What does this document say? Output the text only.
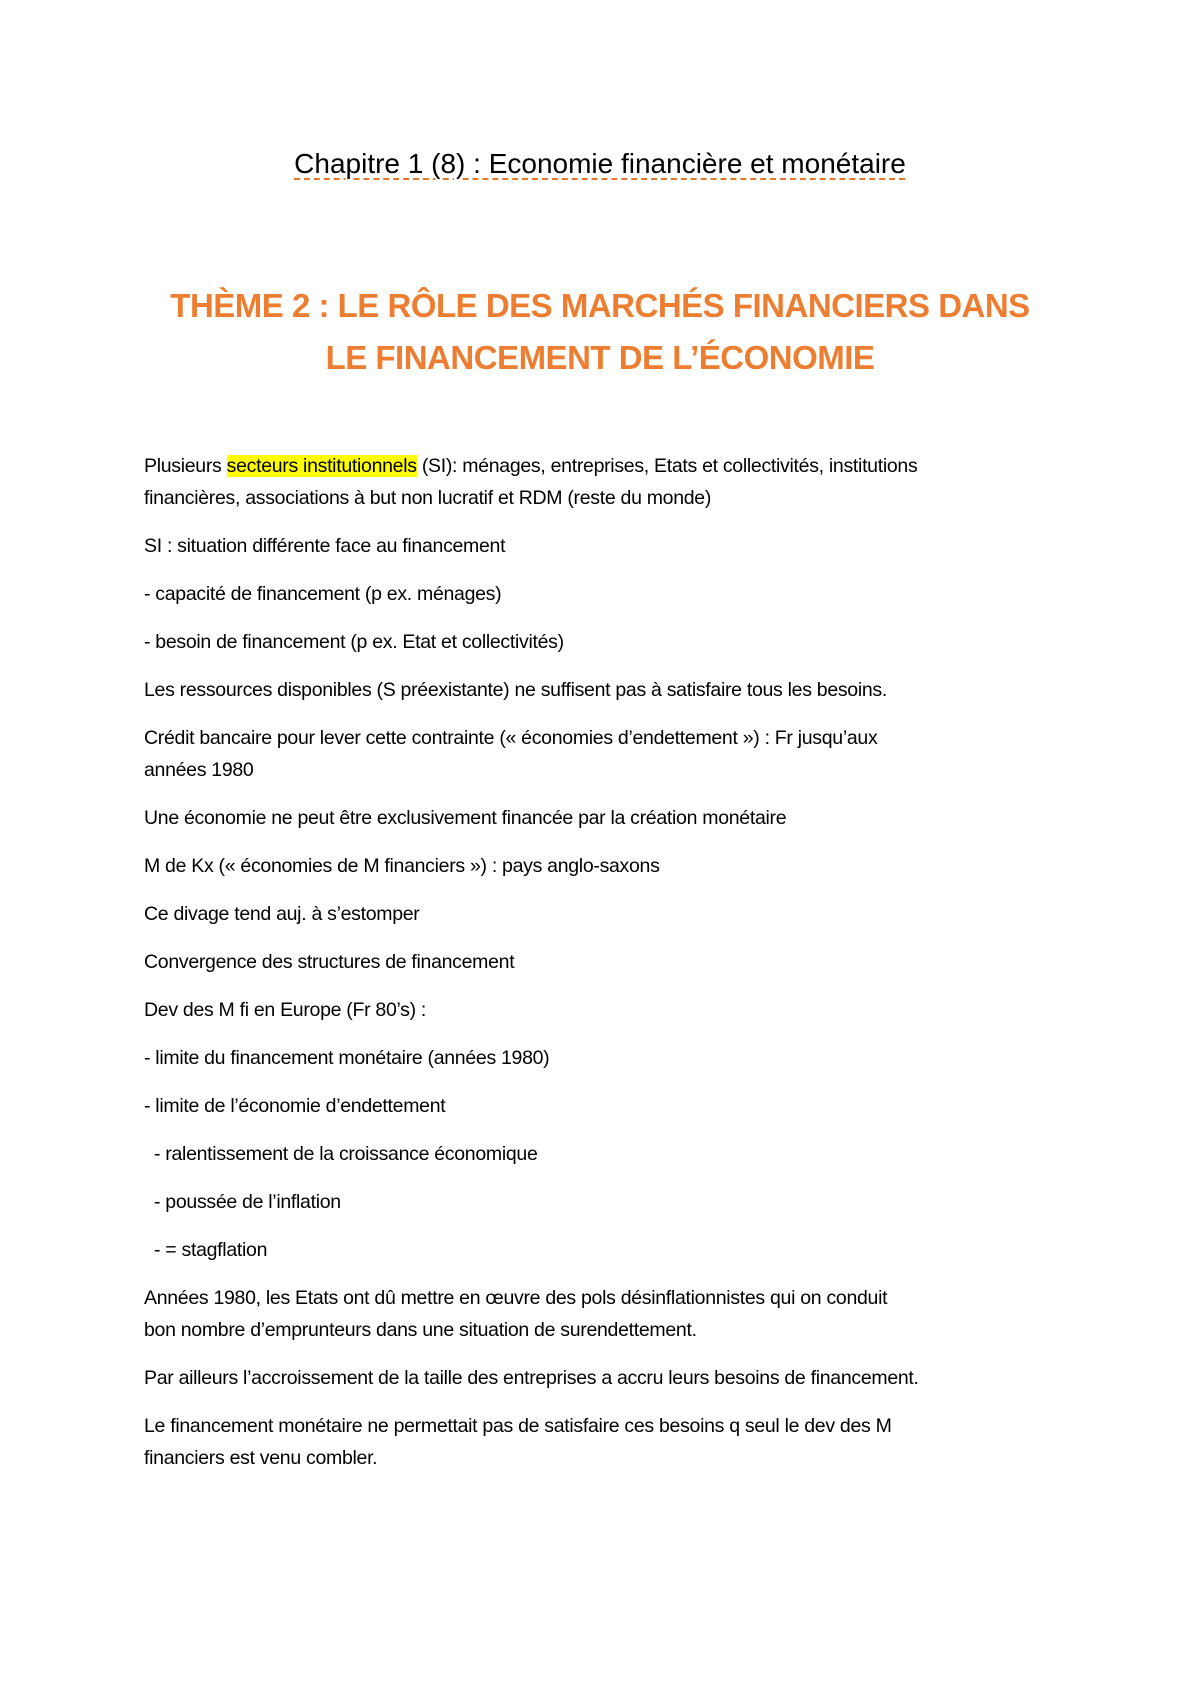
Chapitre 1 (8) : Economie financière et monétaire
THÈME 2 : LE RÔLE DES MARCHÉS FINANCIERS DANS
LE FINANCEMENT DE L’ÉCONOMIE
Plusieurs secteurs institutionnels (SI): ménages, entreprises, Etats et collectivités, institutions
financières, associations à but non lucratif et RDM (reste du monde)
SI : situation différente face au financement
- capacité de financement (p ex. ménages)
- besoin de financement (p ex. Etat et collectivités)
Les ressources disponibles (S préexistante) ne suffisent pas à satisfaire tous les besoins.
Crédit bancaire pour lever cette contrainte (« économies d’endettement ») : Fr jusqu’aux
années 1980
Une économie ne peut être exclusivement financée par la création monétaire
M de Kx (« économies de M financiers ») : pays anglo-saxons
Ce divage tend auj. à s’estomper
Convergence des structures de financement
Dev des M fi en Europe (Fr 80’s) :
- limite du financement monétaire (années 1980)
- limite de l’économie d’endettement
- ralentissement de la croissance économique
- poussée de l’inflation
- = stagflation
Années 1980, les Etats ont dû mettre en œuvre des pols désinflationnistes qui on conduit
bon nombre d’emprunteurs dans une situation de surendettement.
Par ailleurs l’accroissement de la taille des entreprises a accru leurs besoins de financement.
Le financement monétaire ne permettait pas de satisfaire ces besoins q seul le dev des M
financiers est venu combler.
